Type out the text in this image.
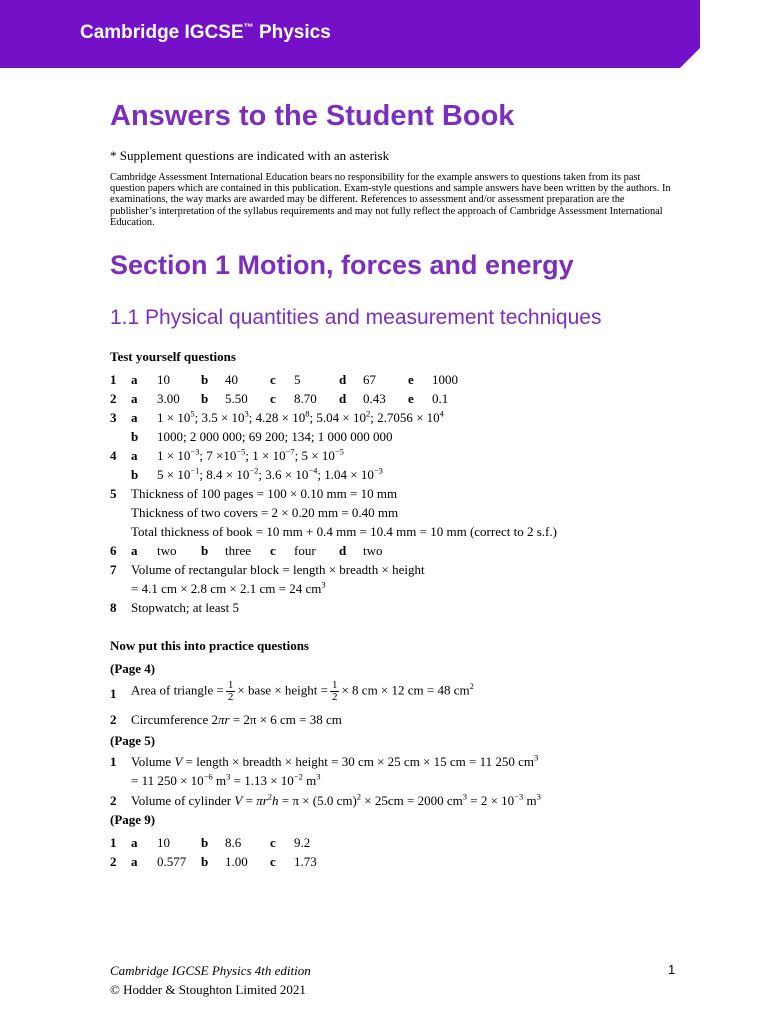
Cambridge IGCSE™ Physics
Answers to the Student Book
* Supplement questions are indicated with an asterisk

Cambridge Assessment International Education bears no responsibility for the example answers to questions taken from its past question papers which are contained in this publication. Exam-style questions and sample answers have been written by the authors. In examinations, the way marks are awarded may be different. References to assessment and/or assessment preparation are the publisher’s interpretation of the syllabus requirements and may not fully reflect the approach of Cambridge Assessment International Education.

Section 1 Motion, forces and energy
1.1 Physical quantities and measurement techniques
Test yourself questions
1 a 10 b 40 c 5	d 67 e 1000
2 a 3.00 b 5.50 c 8.70 d 0.43 e 0.1
3 a $1 \times 10^5$; $3.5 \times 10^3$; $4.28 \times 10^8$; $5.04 \times 10^2$; $2.7056 \times 10^4$
b 1000; 2 000 000; 69 200; 134; 1 000 000 000
4 a $1 \times 10^{-3}$; $7 \times 10^{-5}$; $1 \times 10^{-7}$; $5 \times 10^{-5}$
b $5 \times 10^{-1}$; $8.4 \times 10^{-2}$; $3.6 \times 10^{-4}$; $1.04 \times 10^{-3}$
5 Thickness of 100 pages = 100 × 0.10 mm = 10 mm
Thickness of two covers = 2 × 0.20 mm = 0.40 mm
Total thickness of book = 10 mm + 0.4 mm = 10.4 mm = 10 mm (correct to 2 s.f.)
6 a two b three c four d two
7 Volume of rectangular block = length × breadth × height
= 4.1 cm × 2.8 cm × 2.1 cm = 24 $cm^3$
8 Stopwatch; at least 5
Now put this into practice questions
(Page 4)
1 Area of triangle = $\frac{1}{2}$ × base × height = $\frac{1}{2} \times 8$ cm × 12 cm = 48 $cm^2$
2 Circumference 2πr = 2π × 6 cm = 38 cm
(Page 5)
1 Volume V = length × breadth × height = 30 cm × 25 cm × 15 cm = 11 250 $cm^3$
= 11 $250 \times 10^{-6}$ $m^3 = 1.13 \times 10^{-2}$ $m^3$
2 Volume of cylinder $V = \pi r^2h = \pi \times (5.0$ cm)$^2$ × 25cm = 2000 $cm^3 = 2 \times 10^{-3}$ $m^3$
(Page 9)
1 a 10 b 8.6 c 9.2
2 a 0.577 b 1.00 c 1.73
Cambridge IGCSE Physics 4th edition
© Hodder & Stoughton Limited 2021
1
